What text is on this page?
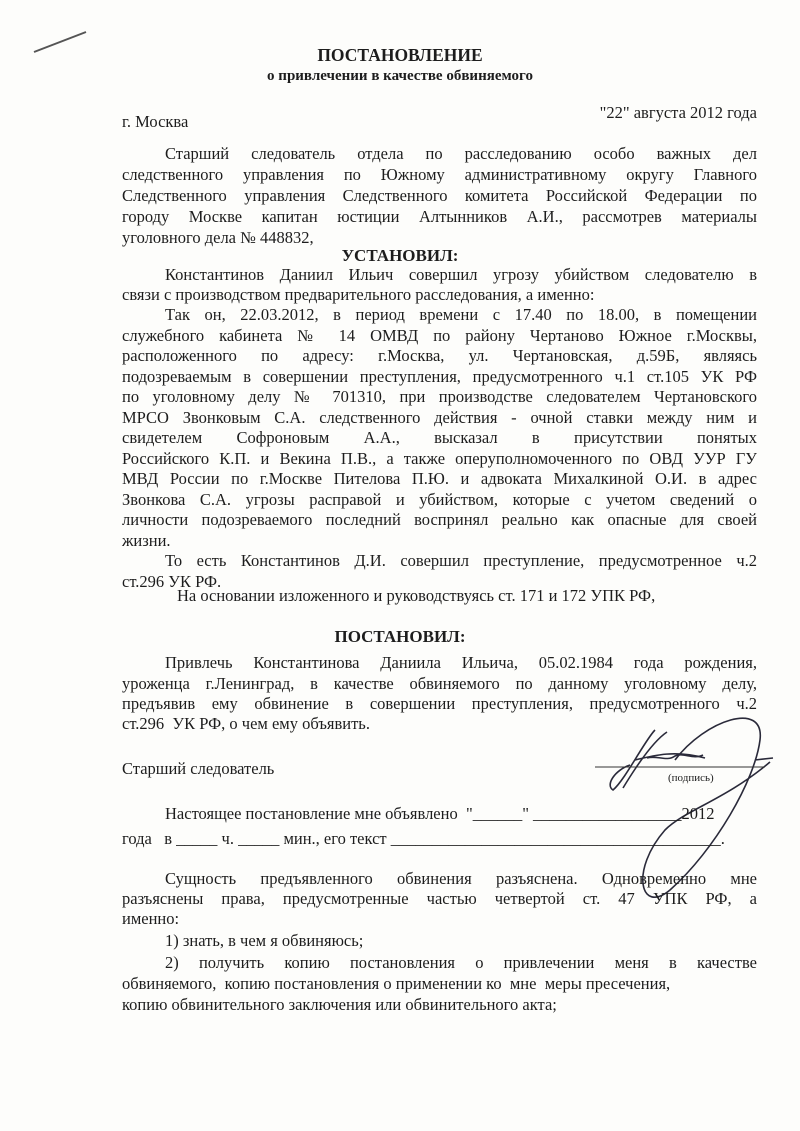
ПОСТАНОВЛЕНИЕ
о привлечении в качестве обвиняемого
г. Москва	"22" августа 2012 года
Старший следователь отдела по расследованию особо важных дел
следственного управления по Южному административному округу Главного
Следственного управления Следственного комитета Российской Федерации по
городу Москве капитан юстиции Алтынников А.И., рассмотрев материалы
уголовного дела № 448832,
УСТАНОВИЛ:
Константинов Даниил Ильич совершил угрозу убийством следователю в
связи с производством предварительного расследования, а именно:
Так он, 22.03.2012, в период времени с 17.40 по 18.00, в помещении
служебного кабинета № 14 ОМВД по району Чертаново Южное г.Москвы,
расположенного по адресу: г.Москва, ул. Чертановская, д.59Б, являясь
подозреваемым в совершении преступления, предусмотренного ч.1 ст.105 УК РФ
по уголовному делу № 701310, при производстве следователем Чертановского
МРСО Звонковым С.А. следственного действия - очной ставки между ним и
свидетелем Софроновым А.А., высказал в присутствии понятых
Российского К.П. и Векина П.В., а также оперуполномоченного по ОВД УУР ГУ
МВД России по г.Москве Пителова П.Ю. и адвоката Михалкиной О.И. в адрес
Звонкова С.А. угрозы расправой и убийством, которые с учетом сведений о
личности подозреваемого последний воспринял реально как опасные для своей
жизни.
То есть Константинов Д.И. совершил преступление, предусмотренное ч.2
ст.296 УК РФ.
На основании изложенного и руководствуясь ст. 171 и 172 УПК РФ,
ПОСТАНОВИЛ:
Привлечь Константинова Даниила Ильича, 05.02.1984 года рождения,
уроженца г.Ленинград, в качестве обвиняемого по данному уголовному делу,
предъявив ему обвинение в совершении преступления, предусмотренного ч.2
ст.296  УК РФ, о чем ему объявить.
Старший следователь	(подпись)
Настоящее постановление мне объявлено  "______" __________________2012
года   в _____ ч. _____ мин., его текст ________________________________________.
Сущность предъявленного обвинения разъяснена. Одновременно мне
разъяснены права, предусмотренные частью четвертой ст. 47 УПК РФ, а
именно:
1) знать, в чем я обвиняюсь;
2) получить копию постановления о привлечении меня в качестве
обвиняемого,  копию постановления о применении ко  мне  меры пресечения,
копию обвинительного заключения или обвинительного акта;
